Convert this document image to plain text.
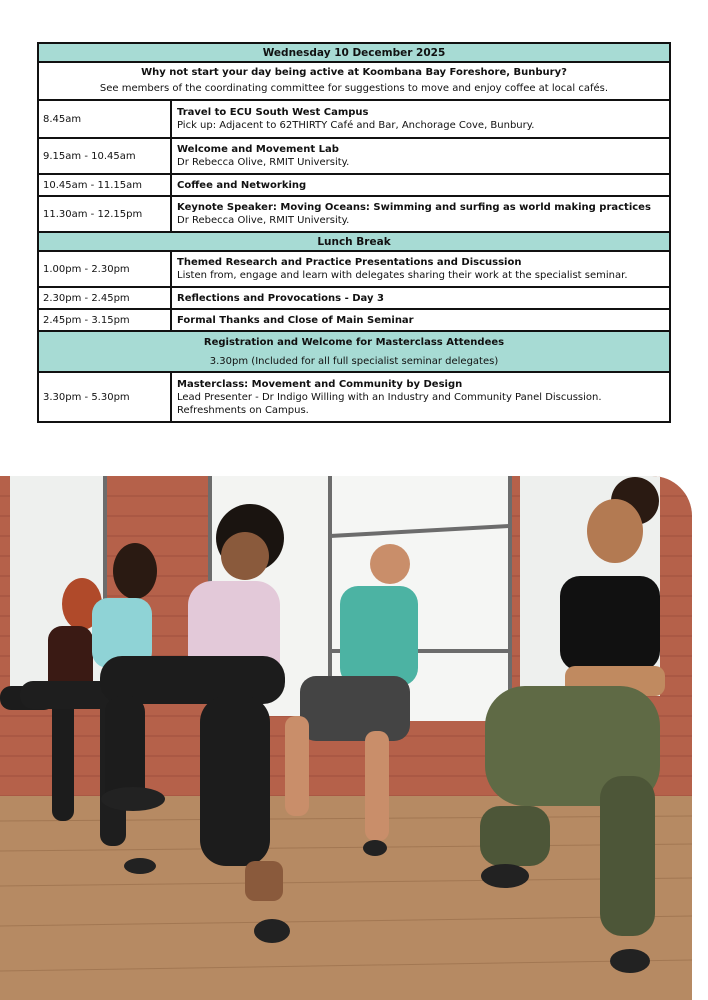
Wednesday 10 December 2025	

Why not start your day being active at Koombana Bay Foreshore, Bunbury?
See members of the coordinating committee for suggestions to move and enjoy coffee at local cafés.	

8.45am	Travel to ECU South West Campus
Pick up: Adjacent to 62THIRTY Café and Bar, Anchorage Cove, Bunbury.

9.15am - 10.45am	Welcome and Movement Lab
Dr Rebecca Olive, RMIT University.

10.45am - 11.15am	Coffee and Networking

11.30am - 12.15pm	Keynote Speaker: Moving Oceans: Swimming and surfing as world making practices
Dr Rebecca Olive, RMIT University.

Lunch Break	
1.00pm - 2.30pm	Themed Research and Practice Presentations and Discussion
Listen from, engage and learn with delegates sharing their work at the specialist seminar.

2.30pm - 2.45pm	Reflections and Provocations - Day 3

2.45pm - 3.15pm	Formal Thanks and Close of Main Seminar

Registration and Welcome for Masterclass Attendees
3.30pm (Included for all full specialist seminar delegates)	
3.30pm - 5.30pm	Masterclass: Movement and Community by Design
Lead Presenter - Dr Indigo Willing with an Industry and Community Panel Discussion.
Refreshments on Campus.
